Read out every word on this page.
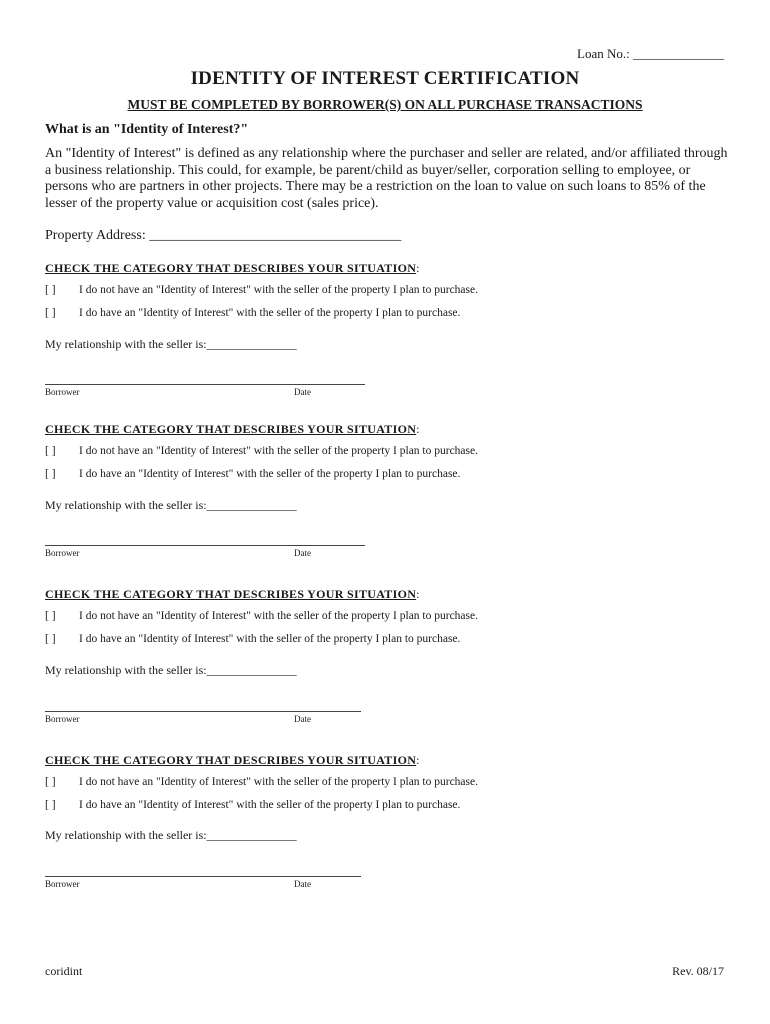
Loan No.: ______________
IDENTITY OF INTEREST CERTIFICATION
MUST BE COMPLETED BY BORROWER(S) ON ALL PURCHASE TRANSACTIONS
What is an "Identity of Interest?"
An "Identity of Interest" is defined as any relationship where the purchaser and seller are related, and/or affiliated through a business relationship. This could, for example, be parent/child as buyer/seller, corporation selling to employee, or persons who are partners in other projects. There may be a restriction on the loan to value on such loans to 85% of the lesser of the property value or acquisition cost (sales price).
Property Address: ____________________________________
CHECK THE CATEGORY THAT DESCRIBES YOUR SITUATION:
[ ]	I do not have an "Identity of Interest" with the seller of the property I plan to purchase.
[ ]	I do have an "Identity of Interest" with the seller of the property I plan to purchase.
My relationship with the seller is:_______________
Borrower	Date
CHECK THE CATEGORY THAT DESCRIBES YOUR SITUATION:
[ ]	I do not have an "Identity of Interest" with the seller of the property I plan to purchase.
[ ]	I do have an "Identity of Interest" with the seller of the property I plan to purchase.
My relationship with the seller is:_______________
Borrower	Date
CHECK THE CATEGORY THAT DESCRIBES YOUR SITUATION:
[ ]	I do not have an "Identity of Interest" with the seller of the property I plan to purchase.
[ ]	I do have an "Identity of Interest" with the seller of the property I plan to purchase.
My relationship with the seller is:_______________
Borrower	Date
CHECK THE CATEGORY THAT DESCRIBES YOUR SITUATION:
[ ]	I do not have an "Identity of Interest" with the seller of the property I plan to purchase.
[ ]	I do have an "Identity of Interest" with the seller of the property I plan to purchase.
My relationship with the seller is:_______________
Borrower	Date
coridint	Rev. 08/17
